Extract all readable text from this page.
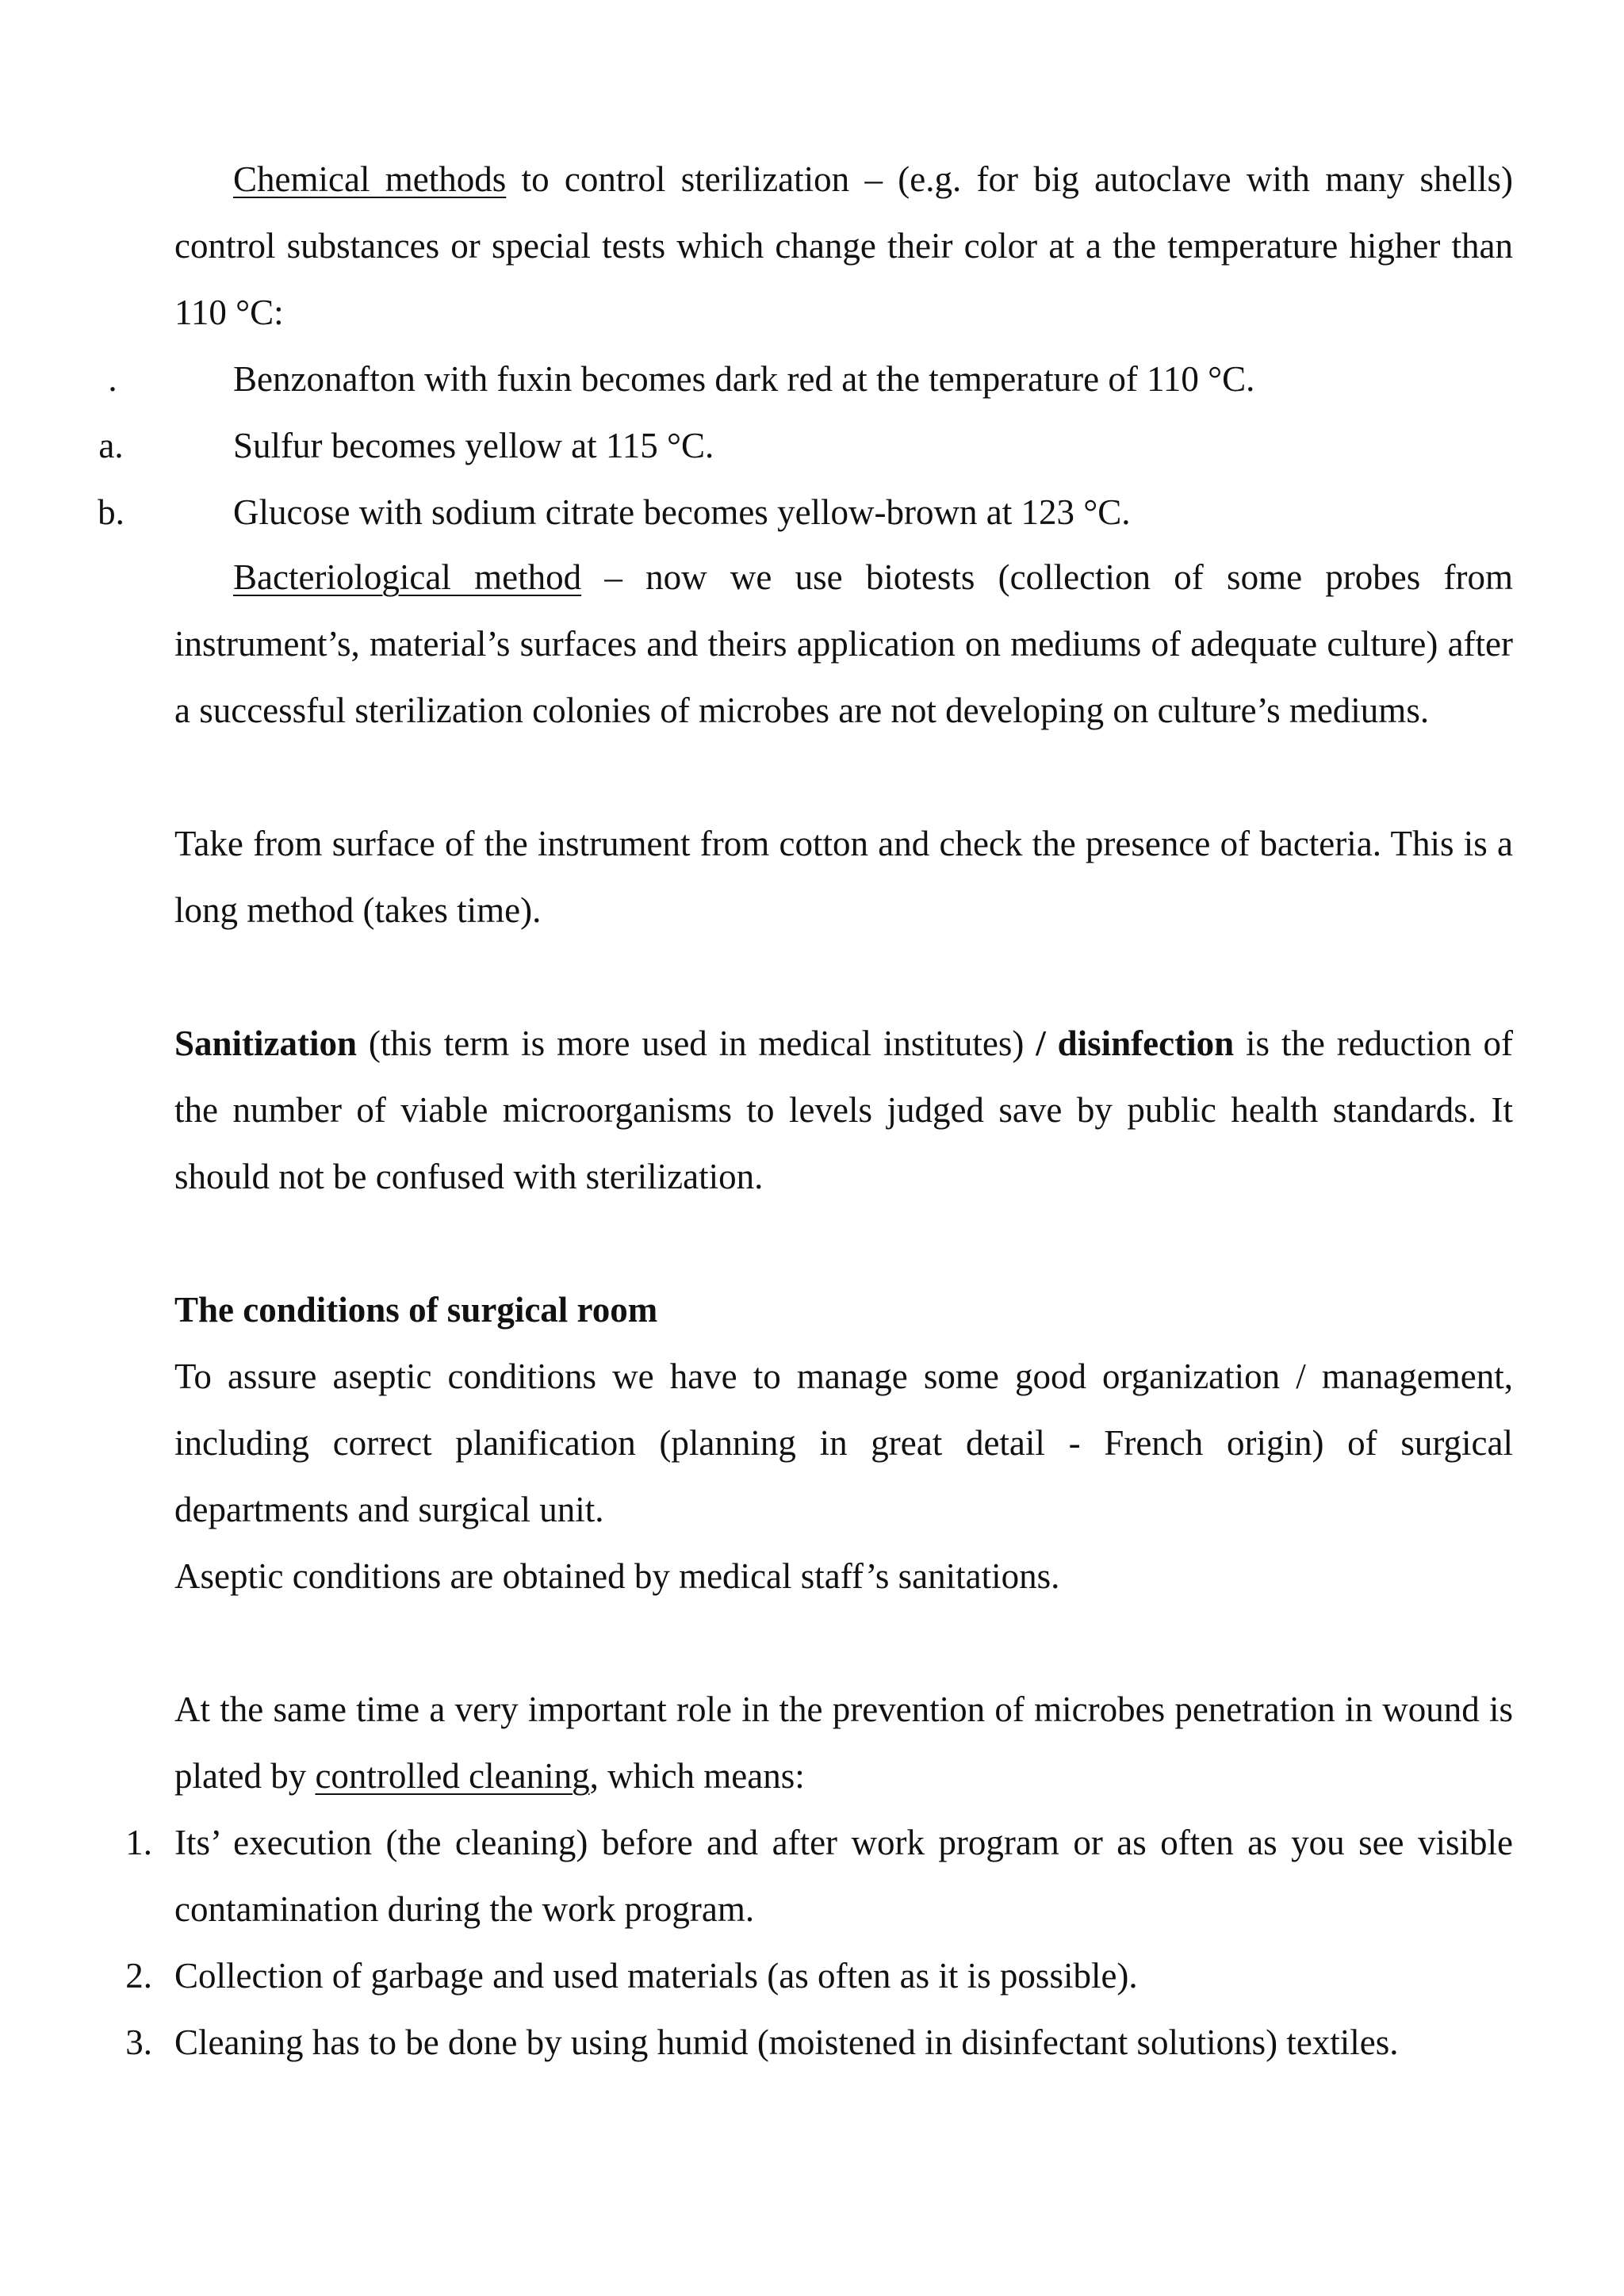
Chemical methods to control sterilization – (e.g. for big autoclave with many shells) control substances or special tests which change their color at a the temperature higher than 110 °C:

.	Benzonafton with fuxin becomes dark red at the temperature of 110 °C.
a.	Sulfur becomes yellow at 115 °C.
b.	Glucose with sodium citrate becomes yellow-brown at 123 °C.

Bacteriological method – now we use biotests (collection of some probes from instrument’s, material’s surfaces and theirs application on mediums of adequate culture) after a successful sterilization colonies of microbes are not developing on culture’s mediums.

Take from surface of the instrument from cotton and check the presence of bacteria. This is a long method (takes time).

Sanitization (this term is more used in medical institutes) / disinfection is the reduction of the number of viable microorganisms to levels judged save by public health standards. It should not be confused with sterilization.

The conditions of surgical room

To assure aseptic conditions we have to manage some good organization / management, including correct planification (planning in great detail - French origin) of surgical departments and surgical unit.

Aseptic conditions are obtained by medical staff’s sanitations.

At the same time a very important role in the prevention of microbes penetration in wound is plated by controlled cleaning, which means:

1. Its’ execution (the cleaning) before and after work program or as often as you see visible contamination during the work program.

2. Collection of garbage and used materials (as often as it is possible).
3. Cleaning has to be done by using humid (moistened in disinfectant solutions) textiles.
